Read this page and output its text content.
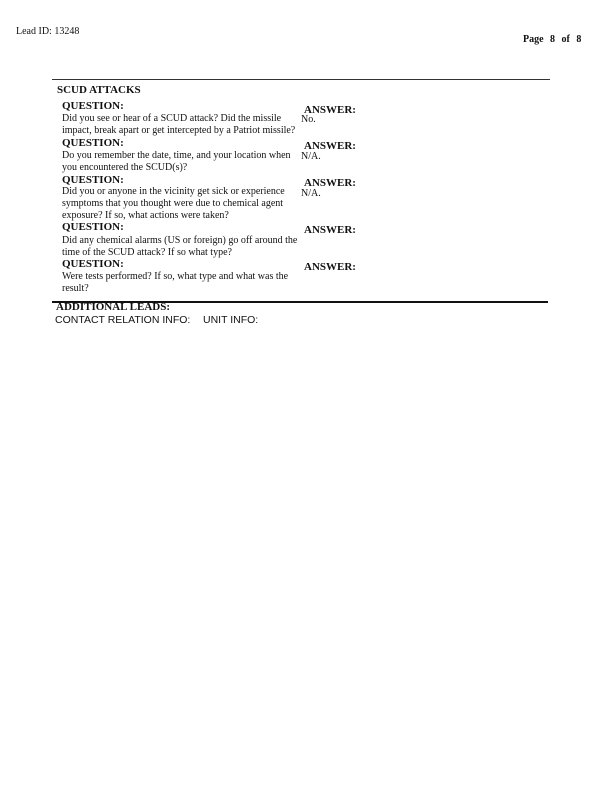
Lead ID: 13248
Page 8 of 8
SCUD ATTACKS
QUESTION:	ANSWER:
Did you see or hear of a SCUD attack? Did the missile impact, break apart or get intercepted by a Patriot missile?
No.
QUESTION:	ANSWER:
Do you remember the date, time, and your location when you encountered the SCUD(s)?
N/A.
QUESTION:	ANSWER:
Did you or anyone in the vicinity get sick or experience symptoms that you thought were due to chemical agent exposure? If so, what actions were taken?
N/A.
QUESTION:	ANSWER:
Did any chemical alarms (US or foreign) go off around the time of the SCUD attack? If so what type?
QUESTION:	ANSWER:
Were tests performed? If so, what type and what was the result?
ADDITIONAL LEADS:
CONTACT RELATION INFO: UNIT INFO:
